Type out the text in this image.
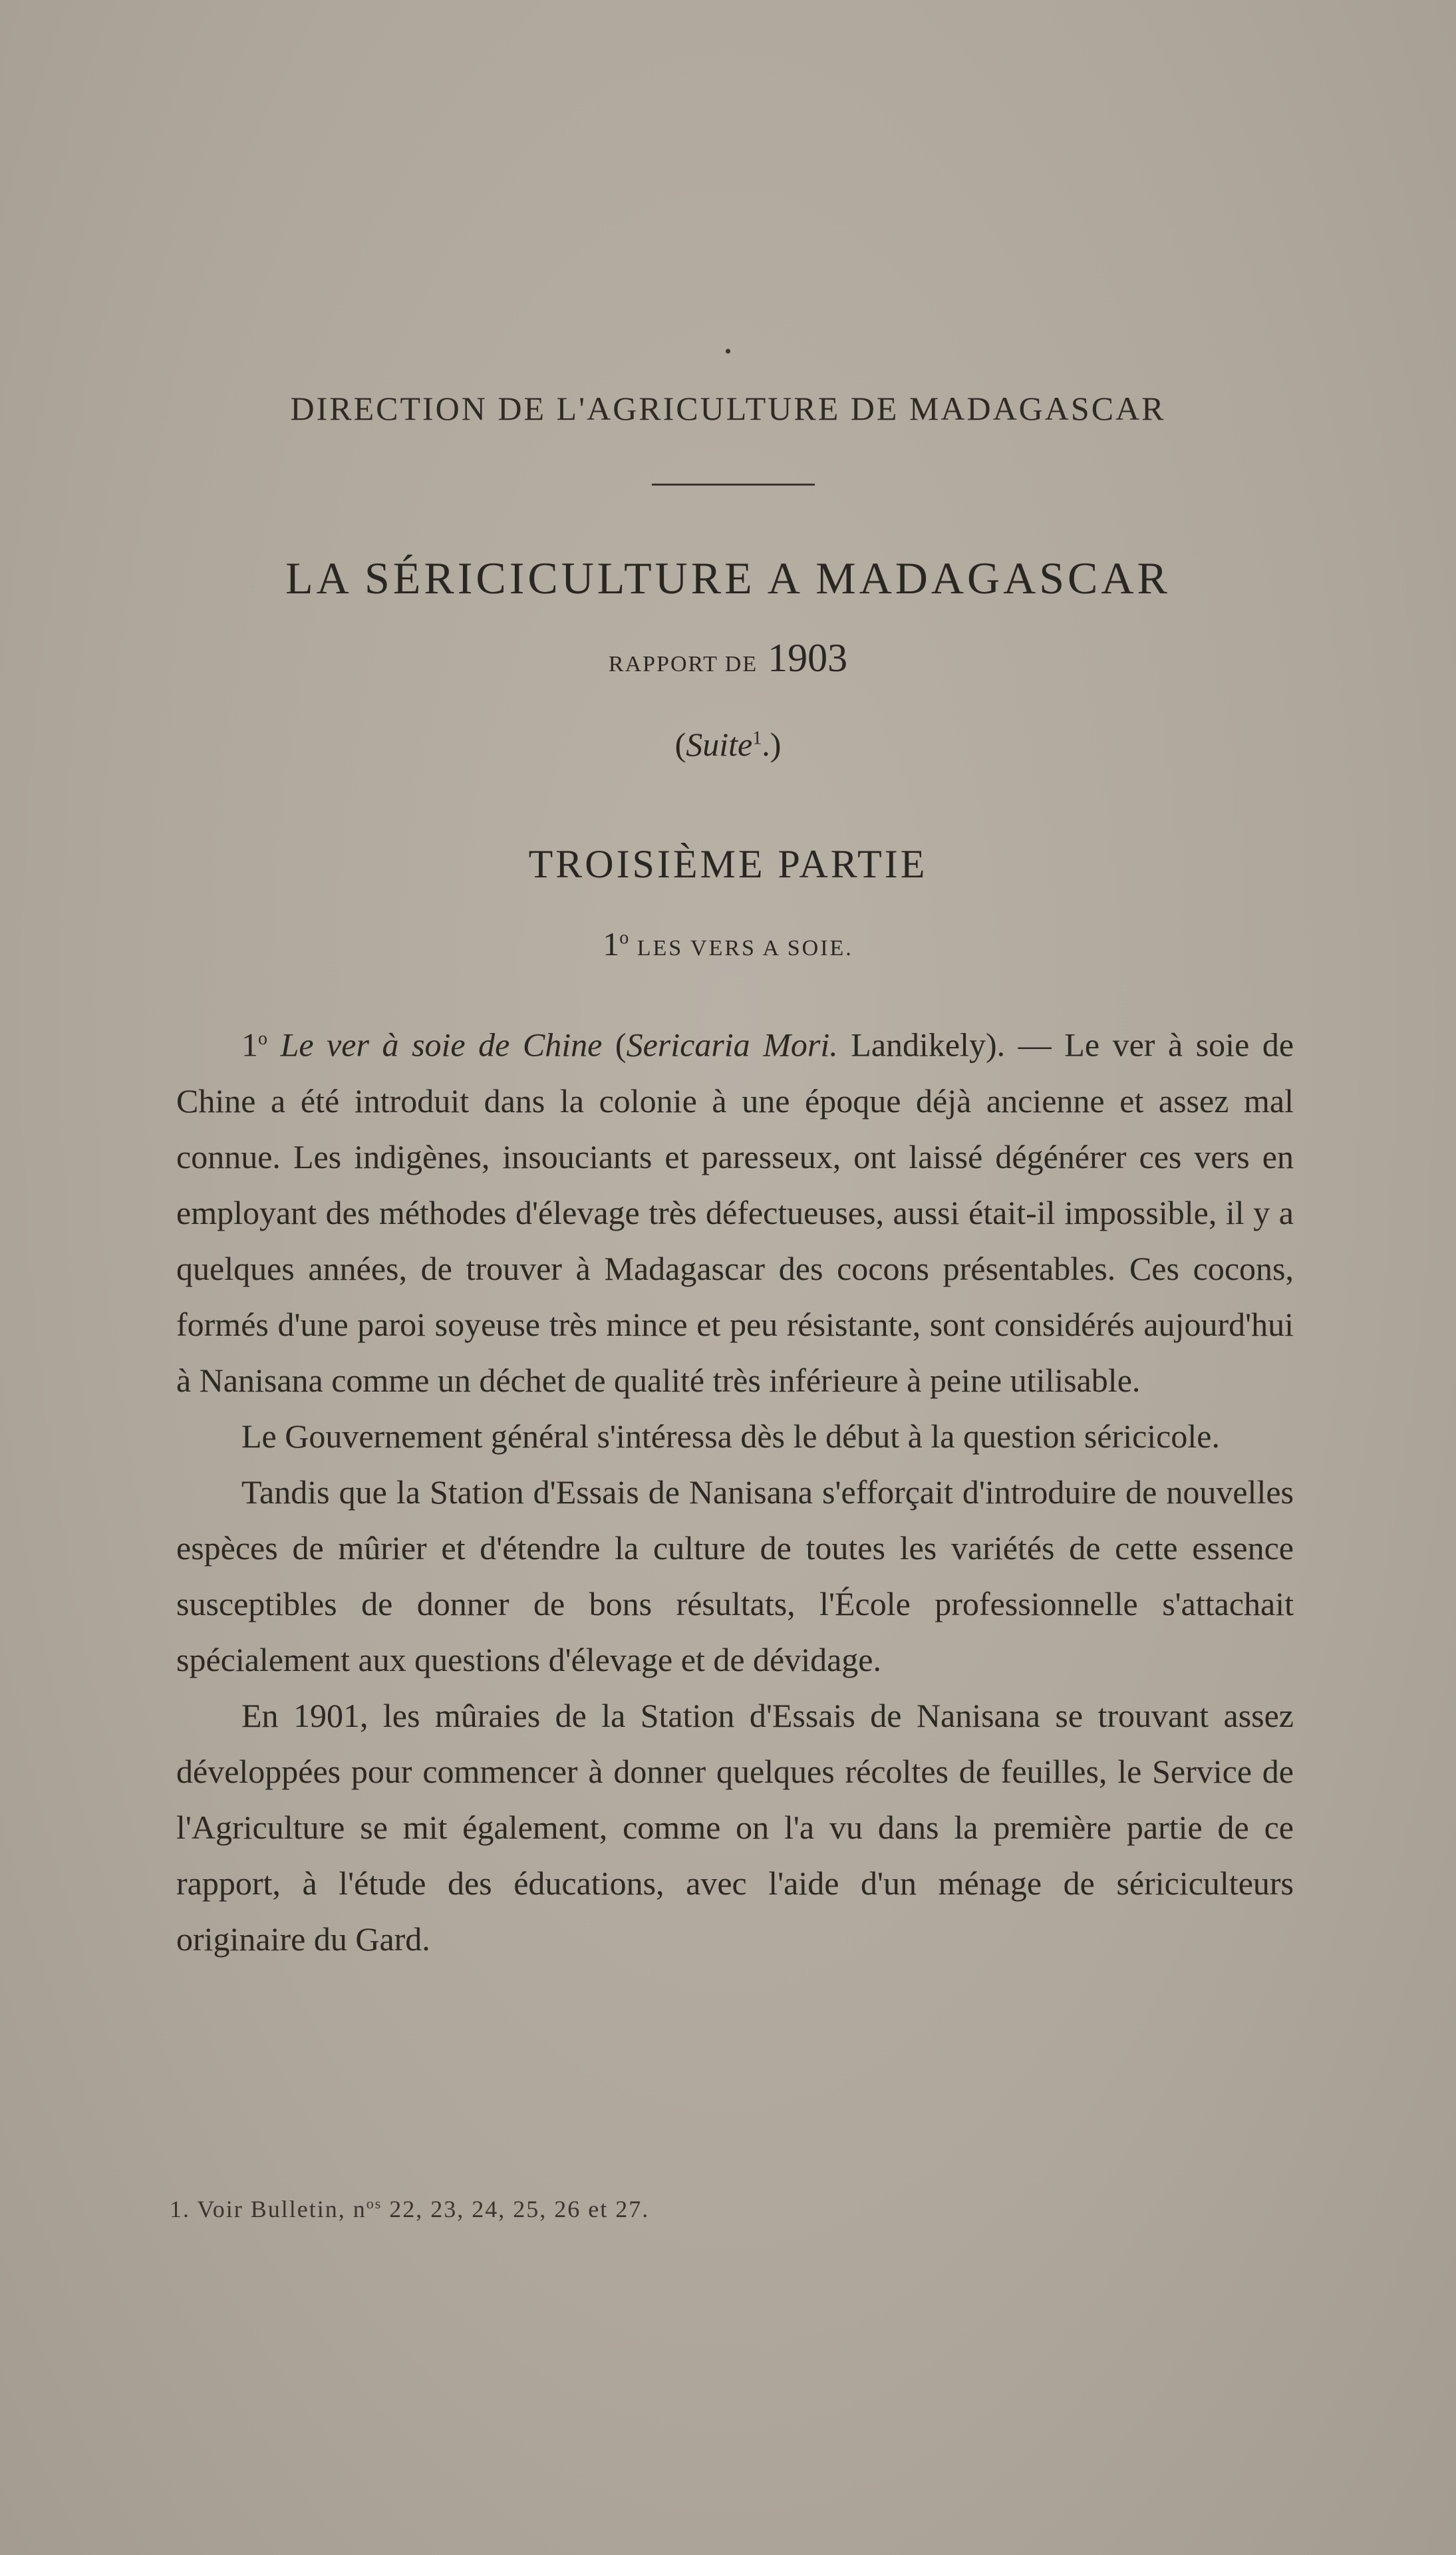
•
DIRECTION DE L'AGRICULTURE DE MADAGASCAR
LA SÉRICICULTURE A MADAGASCAR
RAPPORT DE 1903
(Suite$^1$.)
TROISIÈME PARTIE
1$^o$ LES VERS A SOIE.

1$^o$ Le ver à soie de Chine (Sericaria Mori. Landikely). — Le ver à soie de Chine a été introduit dans la colonie à une époque déjà ancienne et assez mal connue. Les indigènes, insouciants et paresseux, ont laissé dégénérer ces vers en employant des méthodes d'élevage très défectueuses, aussi était-il impossible, il y a quelques années, de trouver à Madagascar des cocons présentables. Ces cocons, formés d'une paroi soyeuse très mince et peu résistante, sont considérés aujourd'hui à Nanisana comme un déchet de qualité très inférieure à peine utilisable.

Le Gouvernement général s'intéressa dès le début à la question séricicole.

Tandis que la Station d'Essais de Nanisana s'efforçait d'introduire de nouvelles espèces de mûrier et d'étendre la culture de toutes les variétés de cette essence susceptibles de donner de bons résultats, l'École professionnelle s'attachait spécialement aux questions d'élevage et de dévidage.

En 1901, les mûraies de la Station d'Essais de Nanisana se trouvant assez développées pour commencer à donner quelques récoltes de feuilles, le Service de l'Agriculture se mit également, comme on l'a vu dans la première partie de ce rapport, à l'étude des éducations, avec l'aide d'un ménage de sériciculteurs originaire du Gard.

1. Voir Bulletin, $n^{os}$ 22, 23, 24, 25, 26 et 27.
